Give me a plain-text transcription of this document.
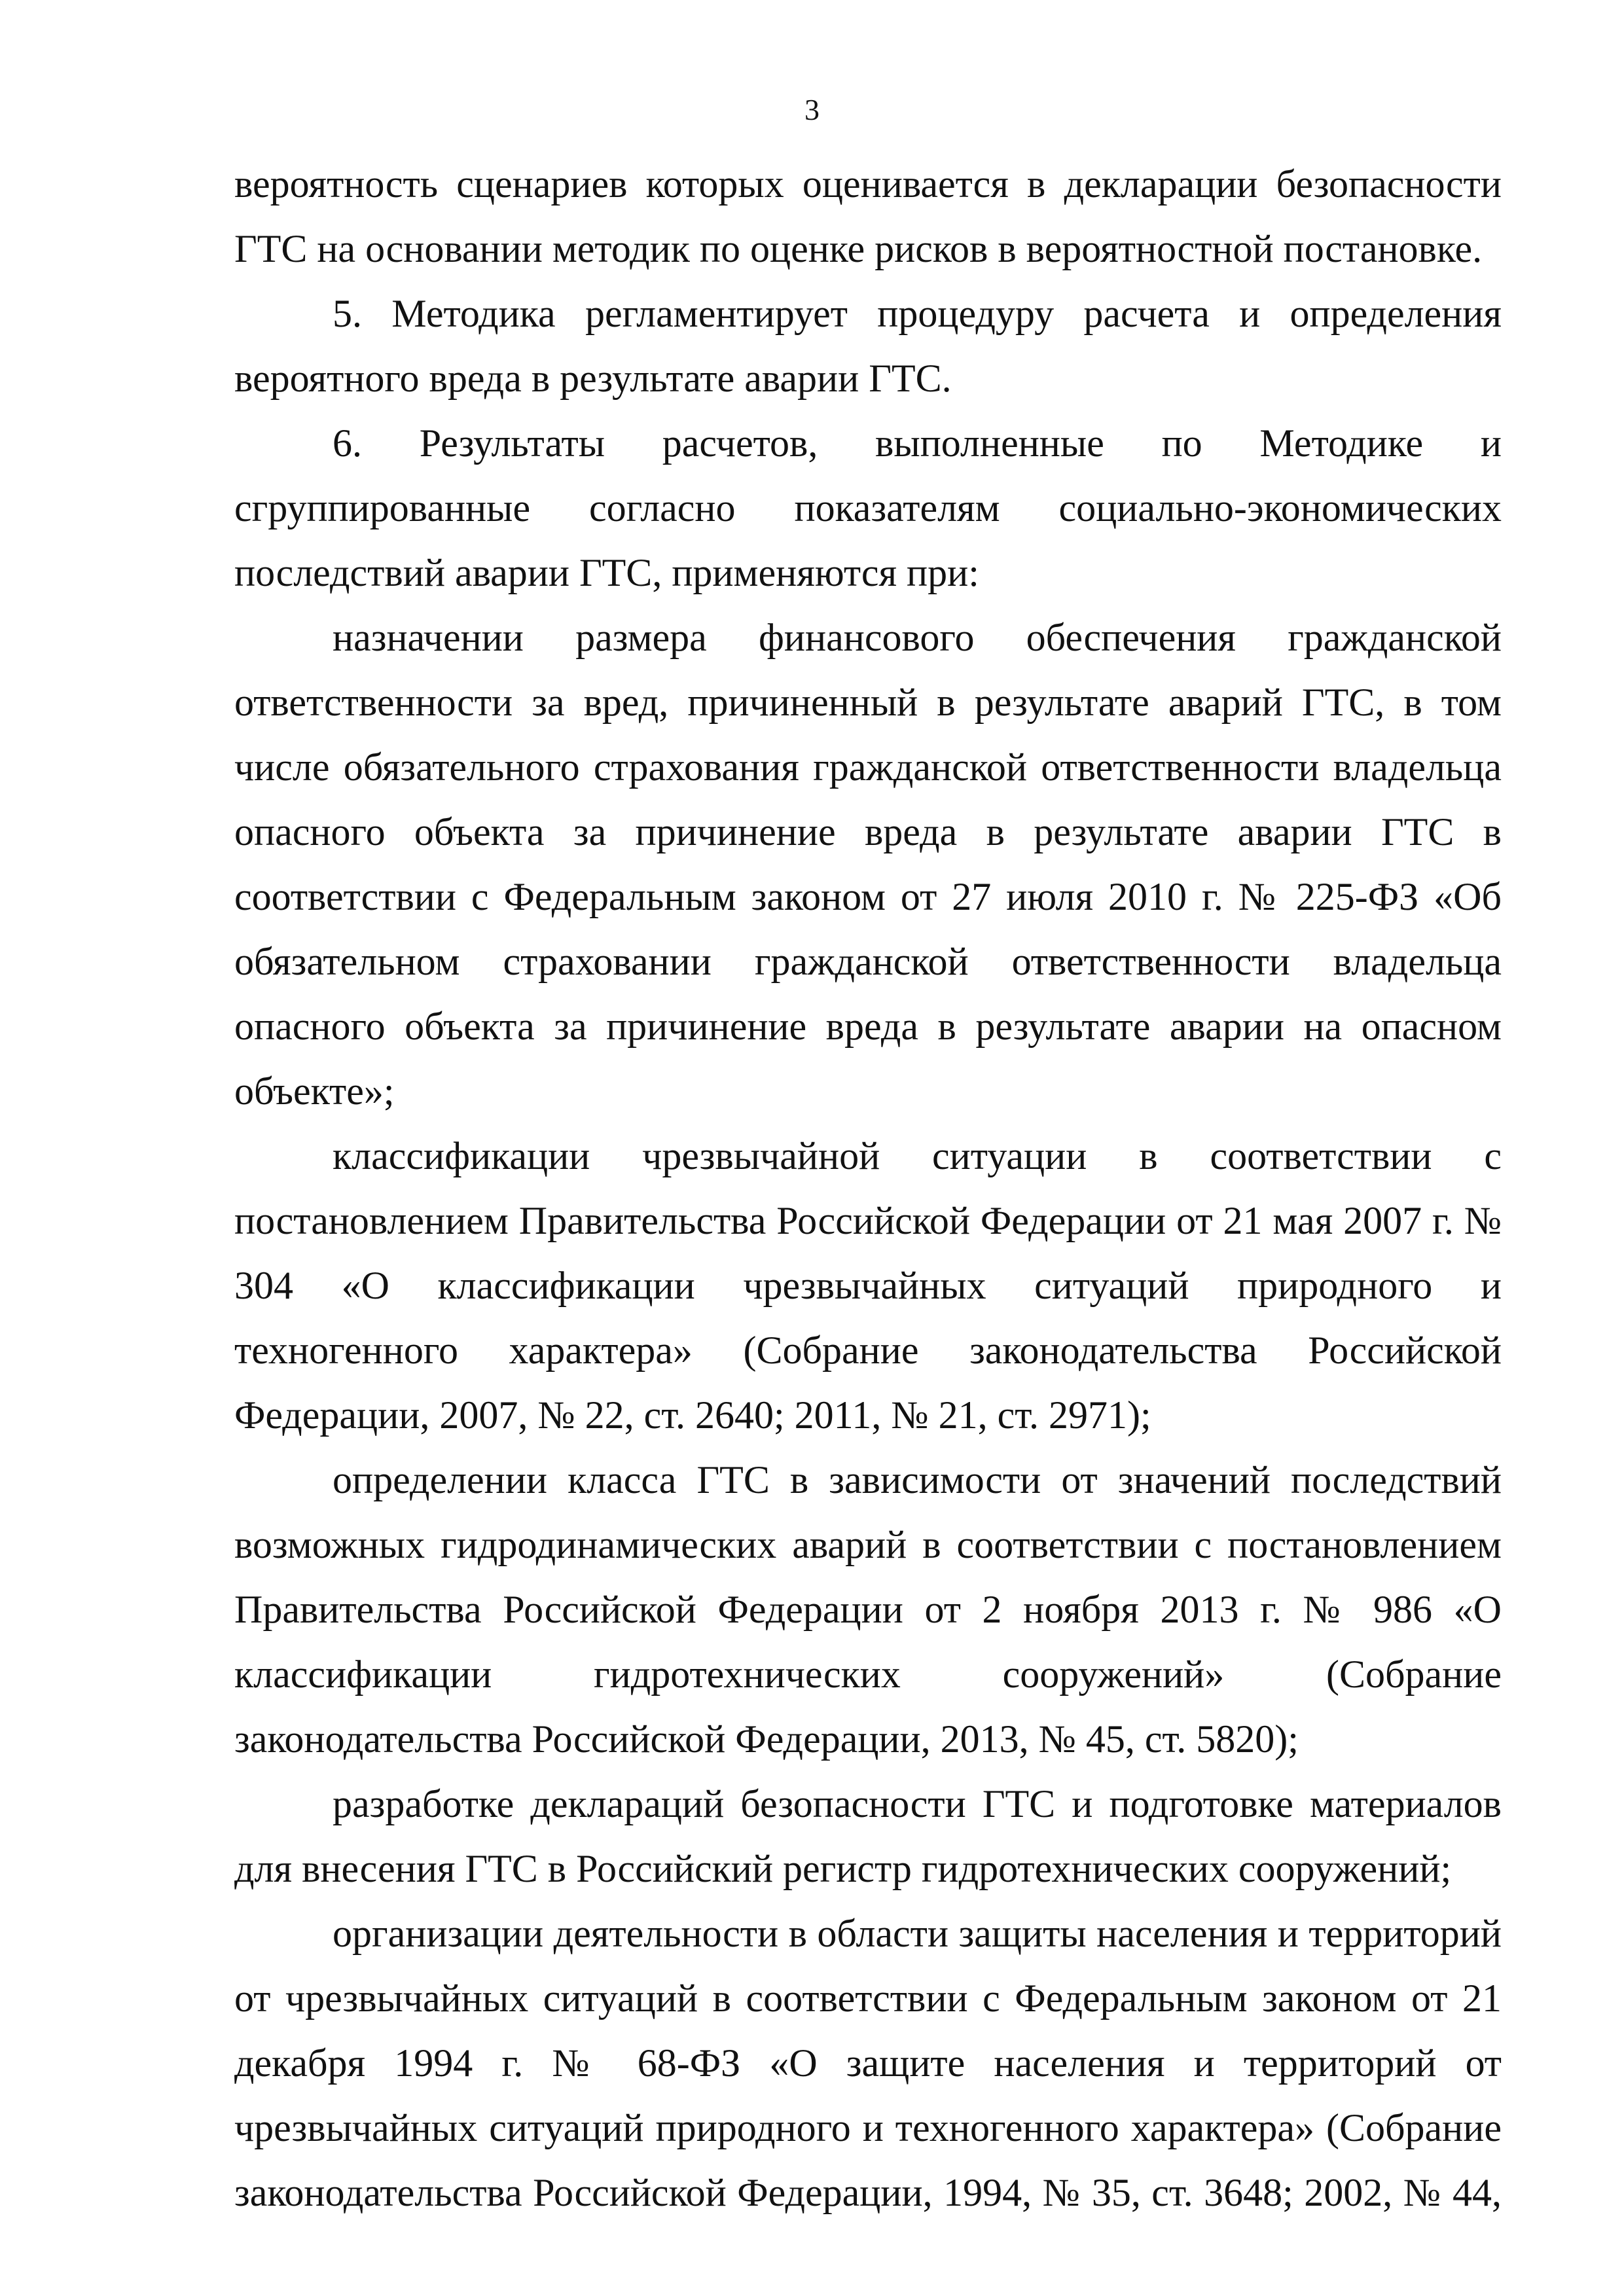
3

вероятность сценариев которых оценивается в декларации безопасности ГТС на основании методик по оценке рисков в вероятностной постановке.

5. Методика регламентирует процедуру расчета и определения вероятного вреда в результате аварии ГТС.

6. Результаты расчетов, выполненные по Методике и сгруппированные согласно показателям социально-экономических последствий аварии ГТС, применяются при:

назначении размера финансового обеспечения гражданской ответственности за вред, причиненный в результате аварий ГТС, в том числе обязательного страхования гражданской ответственности владельца опасного объекта за причинение вреда в результате аварии ГТС в соответствии с Федеральным законом от 27 июля 2010 г. № 225-ФЗ «Об обязательном страховании гражданской ответственности владельца опасного объекта за причинение вреда в результате аварии на опасном объекте»;

классификации чрезвычайной ситуации в соответствии с постановлением Правительства Российской Федерации от 21 мая 2007 г. № 304 «О классификации чрезвычайных ситуаций природного и техногенного характера» (Собрание законодательства Российской Федерации, 2007, № 22, ст. 2640; 2011, № 21, ст. 2971);

определении класса ГТС в зависимости от значений последствий возможных гидродинамических аварий в соответствии с постановлением Правительства Российской Федерации от 2 ноября 2013 г. № 986 «О классификации гидротехнических сооружений» (Собрание законодательства Российской Федерации, 2013, № 45, ст. 5820);

разработке деклараций безопасности ГТС и подготовке материалов для внесения ГТС в Российский регистр гидротехнических сооружений;

организации деятельности в области защиты населения и территорий от чрезвычайных ситуаций в соответствии с Федеральным законом от 21 декабря 1994 г. № 68-ФЗ «О защите населения и территорий от чрезвычайных ситуаций природного и техногенного характера» (Собрание законодательства Российской Федерации, 1994, № 35, ст. 3648; 2002, № 44,
